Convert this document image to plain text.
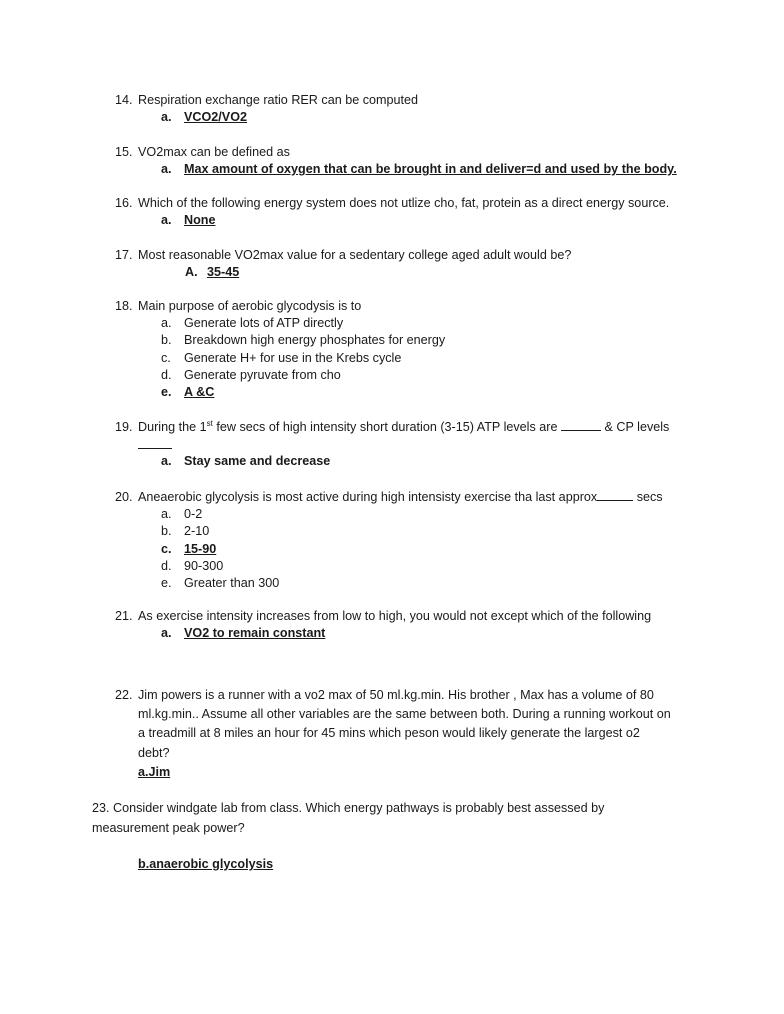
14. Respiration exchange ratio RER can be computed
a. VCO2/VO2
15. VO2max can be defined as
a. Max amount of oxygen that can be brought in and deliver=d and used by the body.
16. Which of the following energy system does not utlize cho, fat, protein as a direct energy source.
a. None
17. Most reasonable VO2max value for a sedentary college aged adult would be?
A. 35-45
18. Main purpose of aerobic glycodysis is to
a. Generate lots of ATP directly
b. Breakdown high energy phosphates for energy
c.	Generate H+ for use in the Krebs cycle
d. Generate pyruvate from cho
e. A &C
19. During the 1st few secs of high intensity short duration (3-15) ATP levels are	& CP levels
a. Stay same and decrease
20. Aneaerobic glycolysis is most active during high intensisty exercise tha last approx	secs
a. 0-2
b. 2-10
c. 15-90
d. 90-300
e. Greater than 300
21. As exercise intensity increases from low to high, you would not except which of the following
a. VO2 to remain constant
22. Jim powers is a runner with a vo2 max of 50 ml.kg.min. His brother , Max has a volume of 80
ml.kg.min.. Assume all other variables are the same between both. During a running workout on
a treadmill at 8 miles an hour for 45 mins which peson would likely generate the largest o2
debt?
a.Jim
23. Consider windgate lab from class. Which energy pathways is probably best assessed by
measurement peak power?
b.anaerobic glycolysis
